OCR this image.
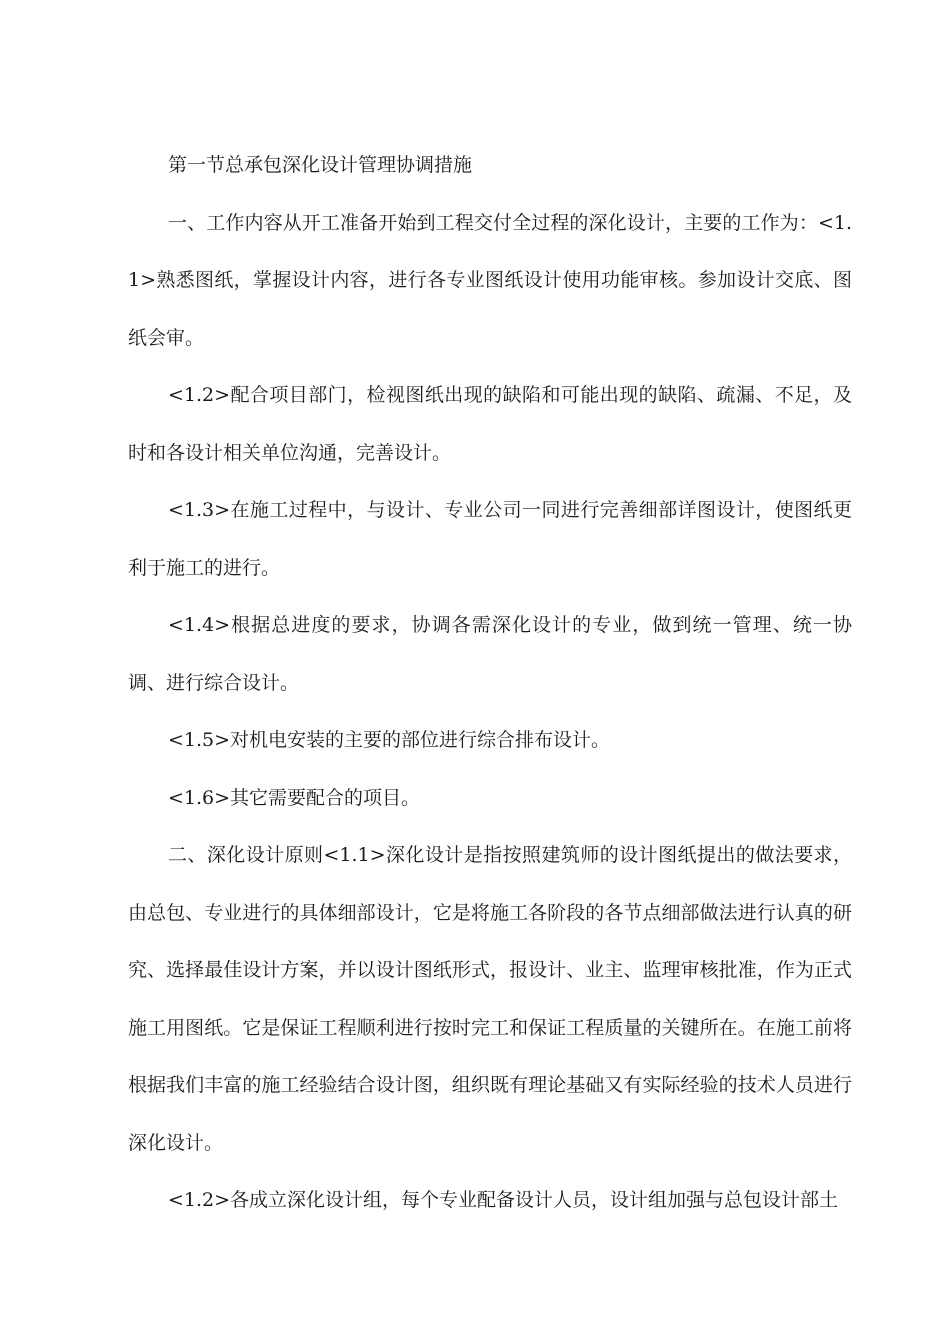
第一节总承包深化设计管理协调措施

一、工作内容从开工准备开始到工程交付全过程的深化设计，主要的工作为：<1.1>熟悉图纸，掌握设计内容，进行各专业图纸设计使用功能审核。参加设计交底、图纸会审。

<1.2>配合项目部门，检视图纸出现的缺陷和可能出现的缺陷、疏漏、不足，及时和各设计相关单位沟通，完善设计。

<1.3>在施工过程中，与设计、专业公司一同进行完善细部详图设计，使图纸更利于施工的进行。

<1.4>根据总进度的要求，协调各需深化设计的专业，做到统一管理、统一协调、进行综合设计。

<1.5>对机电安装的主要的部位进行综合排布设计。

<1.6>其它需要配合的项目。

二、深化设计原则<1.1>深化设计是指按照建筑师的设计图纸提出的做法要求，由总包、专业进行的具体细部设计，它是将施工各阶段的各节点细部做法进行认真的研究、选择最佳设计方案，并以设计图纸形式，报设计、业主、监理审核批准，作为正式施工用图纸。它是保证工程顺利进行按时完工和保证工程质量的关键所在。在施工前将根据我们丰富的施工经验结合设计图，组织既有理论基础又有实际经验的技术人员进行深化设计。

<1.2>各成立深化设计组，每个专业配备设计人员，设计组加强与总包设计部土
